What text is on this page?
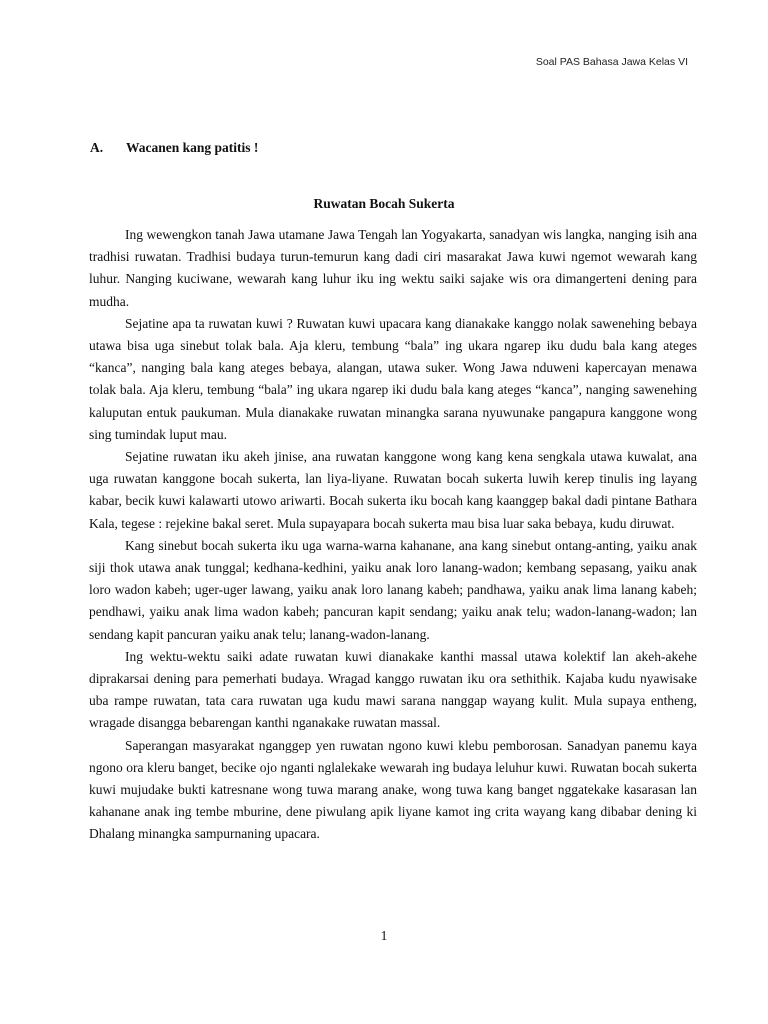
Soal PAS Bahasa Jawa Kelas VI
A.	Wacanen kang patitis !
Ruwatan Bocah Sukerta

Ing wewengkon tanah Jawa utamane Jawa Tengah lan Yogyakarta, sanadyan wis langka, nanging isih ana tradhisi ruwatan. Tradhisi budaya turun-temurun kang dadi ciri masarakat Jawa kuwi ngemot wewarah kang luhur. Nanging kuciwane, wewarah kang luhur iku ing wektu saiki sajake wis ora dimangerteni dening para mudha.

Sejatine apa ta ruwatan kuwi ? Ruwatan kuwi upacara kang dianakake kanggo nolak sawenehing bebaya utawa bisa uga sinebut tolak bala. Aja kleru, tembung “bala” ing ukara ngarep iku dudu bala kang ateges “kanca”, nanging bala kang ateges bebaya, alangan, utawa suker. Wong Jawa nduweni kapercayan menawa tolak bala. Aja kleru, tembung “bala” ing ukara ngarep iki dudu bala kang ateges “kanca”, nanging sawenehing kaluputan entuk paukuman. Mula dianakake ruwatan minangka sarana nyuwunake pangapura kanggone wong sing tumindak luput mau.

Sejatine ruwatan iku akeh jinise, ana ruwatan kanggone wong kang kena sengkala utawa kuwalat, ana uga ruwatan kanggone bocah sukerta, lan liya-liyane. Ruwatan bocah sukerta luwih kerep tinulis ing layang kabar, becik kuwi kalawarti utowo ariwarti. Bocah sukerta iku bocah kang kaanggep bakal dadi pintane Bathara Kala, tegese : rejekine bakal seret. Mula supayapara bocah sukerta mau bisa luar saka bebaya, kudu diruwat.

Kang sinebut bocah sukerta iku uga warna-warna kahanane, ana kang sinebut ontang-anting, yaiku anak siji thok utawa anak tunggal; kedhana-kedhini, yaiku anak loro lanang-wadon; kembang sepasang, yaiku anak loro wadon kabeh; uger-uger lawang, yaiku anak loro lanang kabeh; pandhawa, yaiku anak lima lanang kabeh; pendhawi, yaiku anak lima wadon kabeh; pancuran kapit sendang; yaiku anak telu; wadon-lanang-wadon; lan sendang kapit pancuran yaiku anak telu; lanang-wadon-lanang.

Ing wektu-wektu saiki adate ruwatan kuwi dianakake kanthi massal utawa kolektif lan akeh-akehe diprakarsai dening para pemerhati budaya. Wragad kanggo ruwatan iku ora sethithik. Kajaba kudu nyawisake uba rampe ruwatan, tata cara ruwatan uga kudu mawi sarana nanggap wayang kulit. Mula supaya entheng, wragade disangga bebarengan kanthi nganakake ruwatan massal.

Saperangan masyarakat nganggep yen ruwatan ngono kuwi klebu pemborosan. Sanadyan panemu kaya ngono ora kleru banget, becike ojo nganti nglalekake wewarah ing budaya leluhur kuwi. Ruwatan bocah sukerta kuwi mujudake bukti katresnane wong tuwa marang anake, wong tuwa kang banget nggatekake kasarasan lan kahanane anak ing tembe mburine, dene piwulang apik liyane kamot ing crita wayang kang dibabar dening ki Dhalang minangka sampurnaning upacara.

1
